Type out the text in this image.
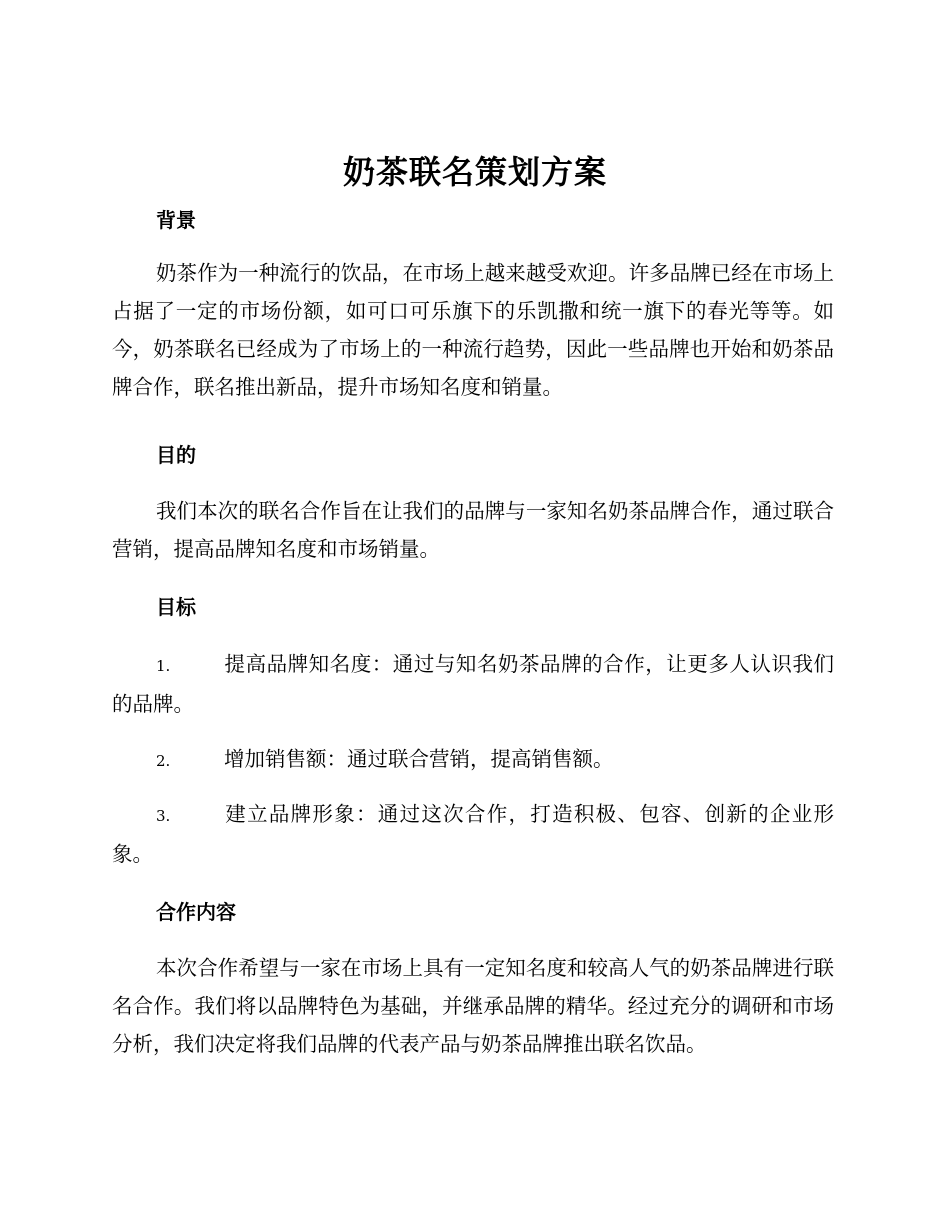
奶茶联名策划方案
背景

奶茶作为一种流行的饮品，在市场上越来越受欢迎。许多品牌已经在市场上占据了一定的市场份额，如可口可乐旗下的乐凯撒和统一旗下的春光等等。如今，奶茶联名已经成为了市场上的一种流行趋势，因此一些品牌也开始和奶茶品牌合作，联名推出新品，提升市场知名度和销量。

目的

我们本次的联名合作旨在让我们的品牌与一家知名奶茶品牌合作，通过联合营销，提高品牌知名度和市场销量。

目标

1.	提高品牌知名度：通过与知名奶茶品牌的合作，让更多人认识我们的品牌。

2.	增加销售额：通过联合营销，提高销售额。

3.	建立品牌形象：通过这次合作，打造积极、包容、创新的企业形象。

合作内容

本次合作希望与一家在市场上具有一定知名度和较高人气的奶茶品牌进行联名合作。我们将以品牌特色为基础，并继承品牌的精华。经过充分的调研和市场分析，我们决定将我们品牌的代表产品与奶茶品牌推出联名饮品。
